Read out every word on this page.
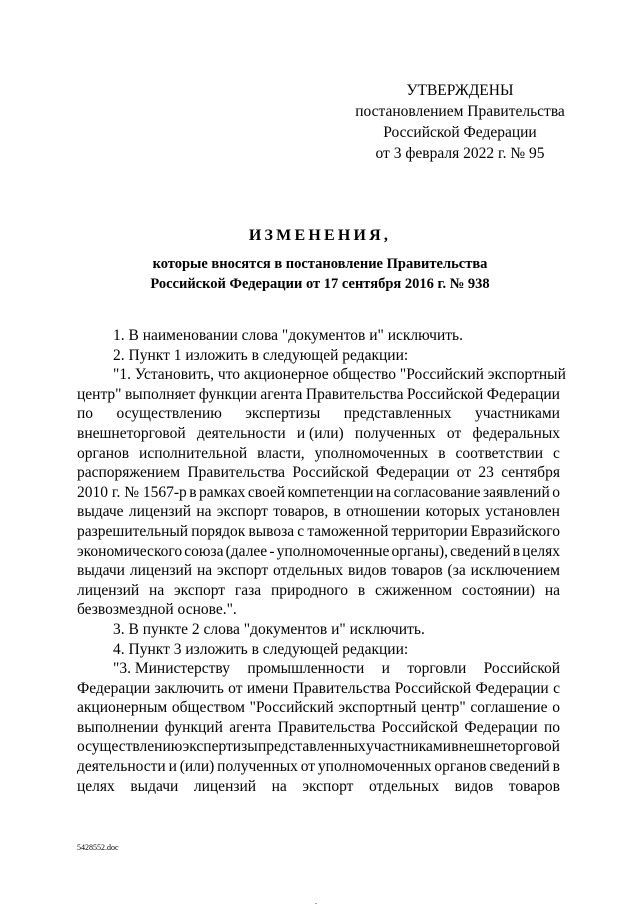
УТВЕРЖДЕНЫ
постановлением Правительства
Российской Федерации
от 3 февраля 2022 г. № 95
ИЗМЕНЕНИЯ,
которые вносятся в постановление Правительства
Российской Федерации от 17 сентября 2016 г. № 938
1. В наименовании слова "документов и" исключить.
2. Пункт 1 изложить в следующей редакции:
"1. Установить, что акционерное общество "Российский экспортный
центр" выполняет функции агента Правительства Российской Федерации
по осуществлению экспертизы представленных участниками
внешнеторговой деятельности и (или) полученных от федеральных
органов исполнительной власти, уполномоченных в соответствии с
распоряжением Правительства Российской Федерации от 23 сентября
2010 г. № 1567-р в рамках своей компетенции на согласование заявлений о
выдаче лицензий на экспорт товаров, в отношении которых установлен
разрешительный порядок вывоза с таможенной территории Евразийского
экономического союза (далее - уполномоченные органы), сведений в целях
выдачи лицензий на экспорт отдельных видов товаров (за исключением
лицензий на экспорт газа природного в сжиженном состоянии) на
безвозмездной основе.".
3. В пункте 2 слова "документов и" исключить.
4. Пункт 3 изложить в следующей редакции:
"3. Министерству промышленности и торговли Российской
Федерации заключить от имени Правительства Российской Федерации с
акционерным обществом "Российский экспортный центр" соглашение о
выполнении функций агента Правительства Российской Федерации по
осуществлению экспертизы представленных участниками внешнеторговой
деятельности и (или) полученных от уполномоченных органов сведений в
целях выдачи лицензий на экспорт отдельных видов товаров
5428552.doc
.
